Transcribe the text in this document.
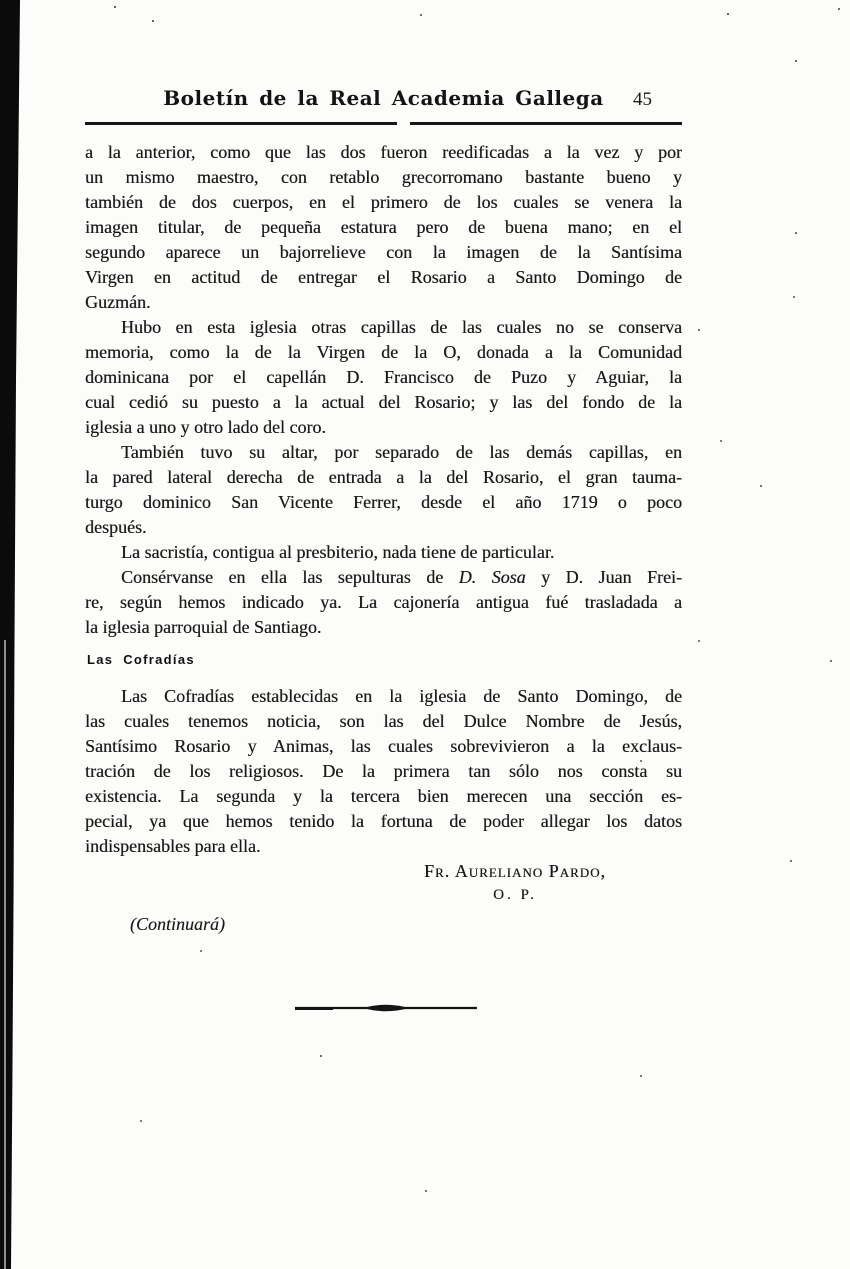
Boletín de la Real Academia Gallega	45
a la anterior, como que las dos fueron reedificadas a la vez y por
un mismo maestro, con retablo grecorromano bastante bueno y
también de dos cuerpos, en el primero de los cuales se venera la
imagen titular, de pequeña estatura pero de buena mano; en el
segundo aparece un bajorrelieve con la imagen de la Santísima
Virgen en actitud de entregar el Rosario a Santo Domingo de
Guzmán.
Hubo en esta iglesia otras capillas de las cuales no se conserva
memoria, como la de la Virgen de la O, donada a la Comunidad
dominicana por el capellán D. Francisco de Puzo y Aguiar, la
cual cedió su puesto a la actual del Rosario; y las del fondo de la
iglesia a uno y otro lado del coro.
También tuvo su altar, por separado de las demás capillas, en
la pared lateral derecha de entrada a la del Rosario, el gran tauma-
turgo dominico San Vicente Ferrer, desde el año 1719 o poco
después.
La sacristía, contigua al presbiterio, nada tiene de particular.
Consérvanse en ella las sepulturas de D. Sosa y D. Juan Frei-
re, según hemos indicado ya. La cajonería antigua fué trasladada a
la iglesia parroquial de Santiago.
Las Cofradías
Las Cofradías establecidas en la iglesia de Santo Domingo, de
las cuales tenemos noticia, son las del Dulce Nombre de Jesús,
Santísimo Rosario y Animas, las cuales sobrevivieron a la exclaus-
tración de los religiosos. De la primera tan sólo nos consta su
existencia. La segunda y la tercera bien merecen una sección es-
pecial, ya que hemos tenido la fortuna de poder allegar los datos
indispensables para ella.
Fr. Aureliano Pardo,
O. P.
(Continuará)
